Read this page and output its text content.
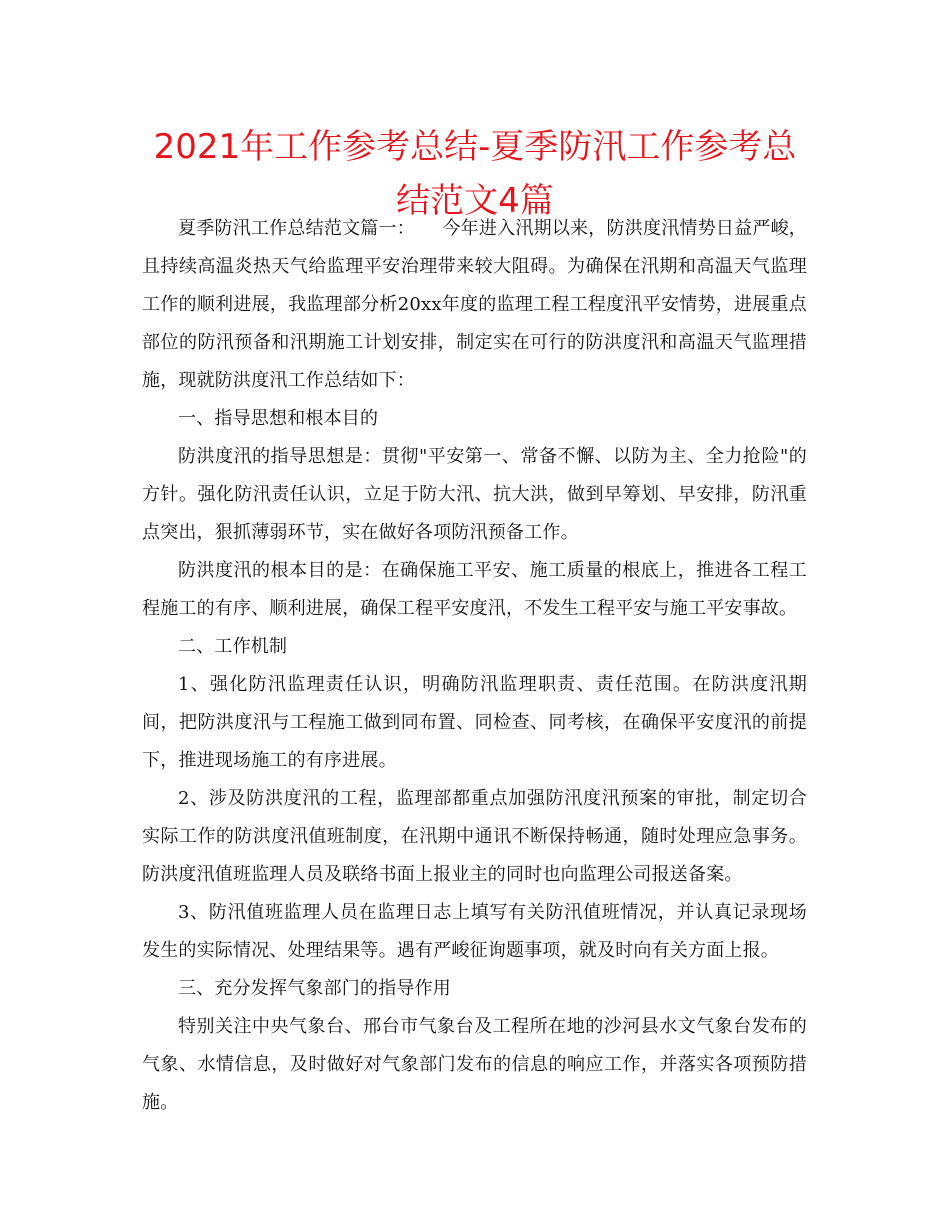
2021年工作参考总结-夏季防汛工作参考总结范文4篇

夏季防汛工作总结范文篇一：　　今年进入汛期以来，防洪度汛情势日益严峻，且持续高温炎热天气给监理平安治理带来较大阻碍。为确保在汛期和高温天气监理工作的顺利进展，我监理部分析20xx年度的监理工程工程度汛平安情势，进展重点部位的防汛预备和汛期施工计划安排，制定实在可行的防洪度汛和高温天气监理措施，现就防洪度汛工作总结如下：

一、指导思想和根本目的

防洪度汛的指导思想是：贯彻"平安第一、常备不懈、以防为主、全力抢险"的方针。强化防汛责任认识，立足于防大汛、抗大洪，做到早筹划、早安排，防汛重点突出，狠抓薄弱环节，实在做好各项防汛预备工作。

防洪度汛的根本目的是：在确保施工平安、施工质量的根底上，推进各工程工程施工的有序、顺利进展，确保工程平安度汛，不发生工程平安与施工平安事故。

二、工作机制

1、强化防汛监理责任认识，明确防汛监理职责、责任范围。在防洪度汛期间，把防洪度汛与工程施工做到同布置、同检查、同考核，在确保平安度汛的前提下，推进现场施工的有序进展。

2、涉及防洪度汛的工程，监理部都重点加强防汛度汛预案的审批，制定切合实际工作的防洪度汛值班制度，在汛期中通讯不断保持畅通，随时处理应急事务。防洪度汛值班监理人员及联络书面上报业主的同时也向监理公司报送备案。

3、防汛值班监理人员在监理日志上填写有关防汛值班情况，并认真记录现场发生的实际情况、处理结果等。遇有严峻征询题事项，就及时向有关方面上报。

三、充分发挥气象部门的指导作用

特别关注中央气象台、邢台市气象台及工程所在地的沙河县水文气象台发布的气象、水情信息，及时做好对气象部门发布的信息的响应工作，并落实各项预防措施。
